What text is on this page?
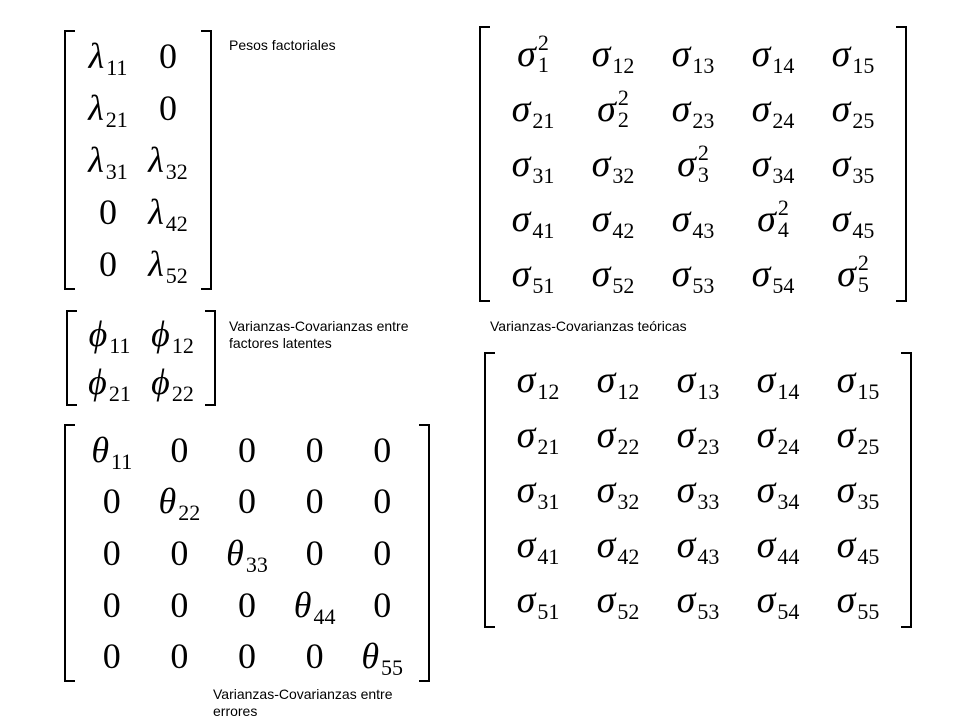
Pesos factoriales
Varianzas-Covarianzas entre factores latentes
Varianzas-Covarianzas entre errores
Varianzas-Covarianzas teóricas
λ 11 0
λ 21 0
λ 31 λ 32
0 λ 42
0 λ 52
ϕ 11 ϕ 12
ϕ 21 ϕ 22
θ 11 0 0 0 0
0 θ 22 0 0 0
0 0 θ 33 0 0
0 0 0 θ 44 0
0 0 0 0 θ 55
σ 2
1 σ 12 σ 13 σ 14 σ 15
σ 21 σ 2
2 σ 23 σ 24 σ 25
σ 31 σ 32 σ 2
3 σ 34 σ 35
σ 41 σ 42 σ 43 σ 2
4 σ 45
σ 51 σ 52 σ 53 σ 54 σ 2
5
σ 12 σ 12 σ 13 σ 14 σ 15
σ 21 σ 22 σ 23 σ 24 σ 25
σ 31 σ 32 σ 33 σ 34 σ 35
σ 41 σ 42 σ 43 σ 44 σ 45
σ 51 σ 52 σ 53 σ 54 σ 55
